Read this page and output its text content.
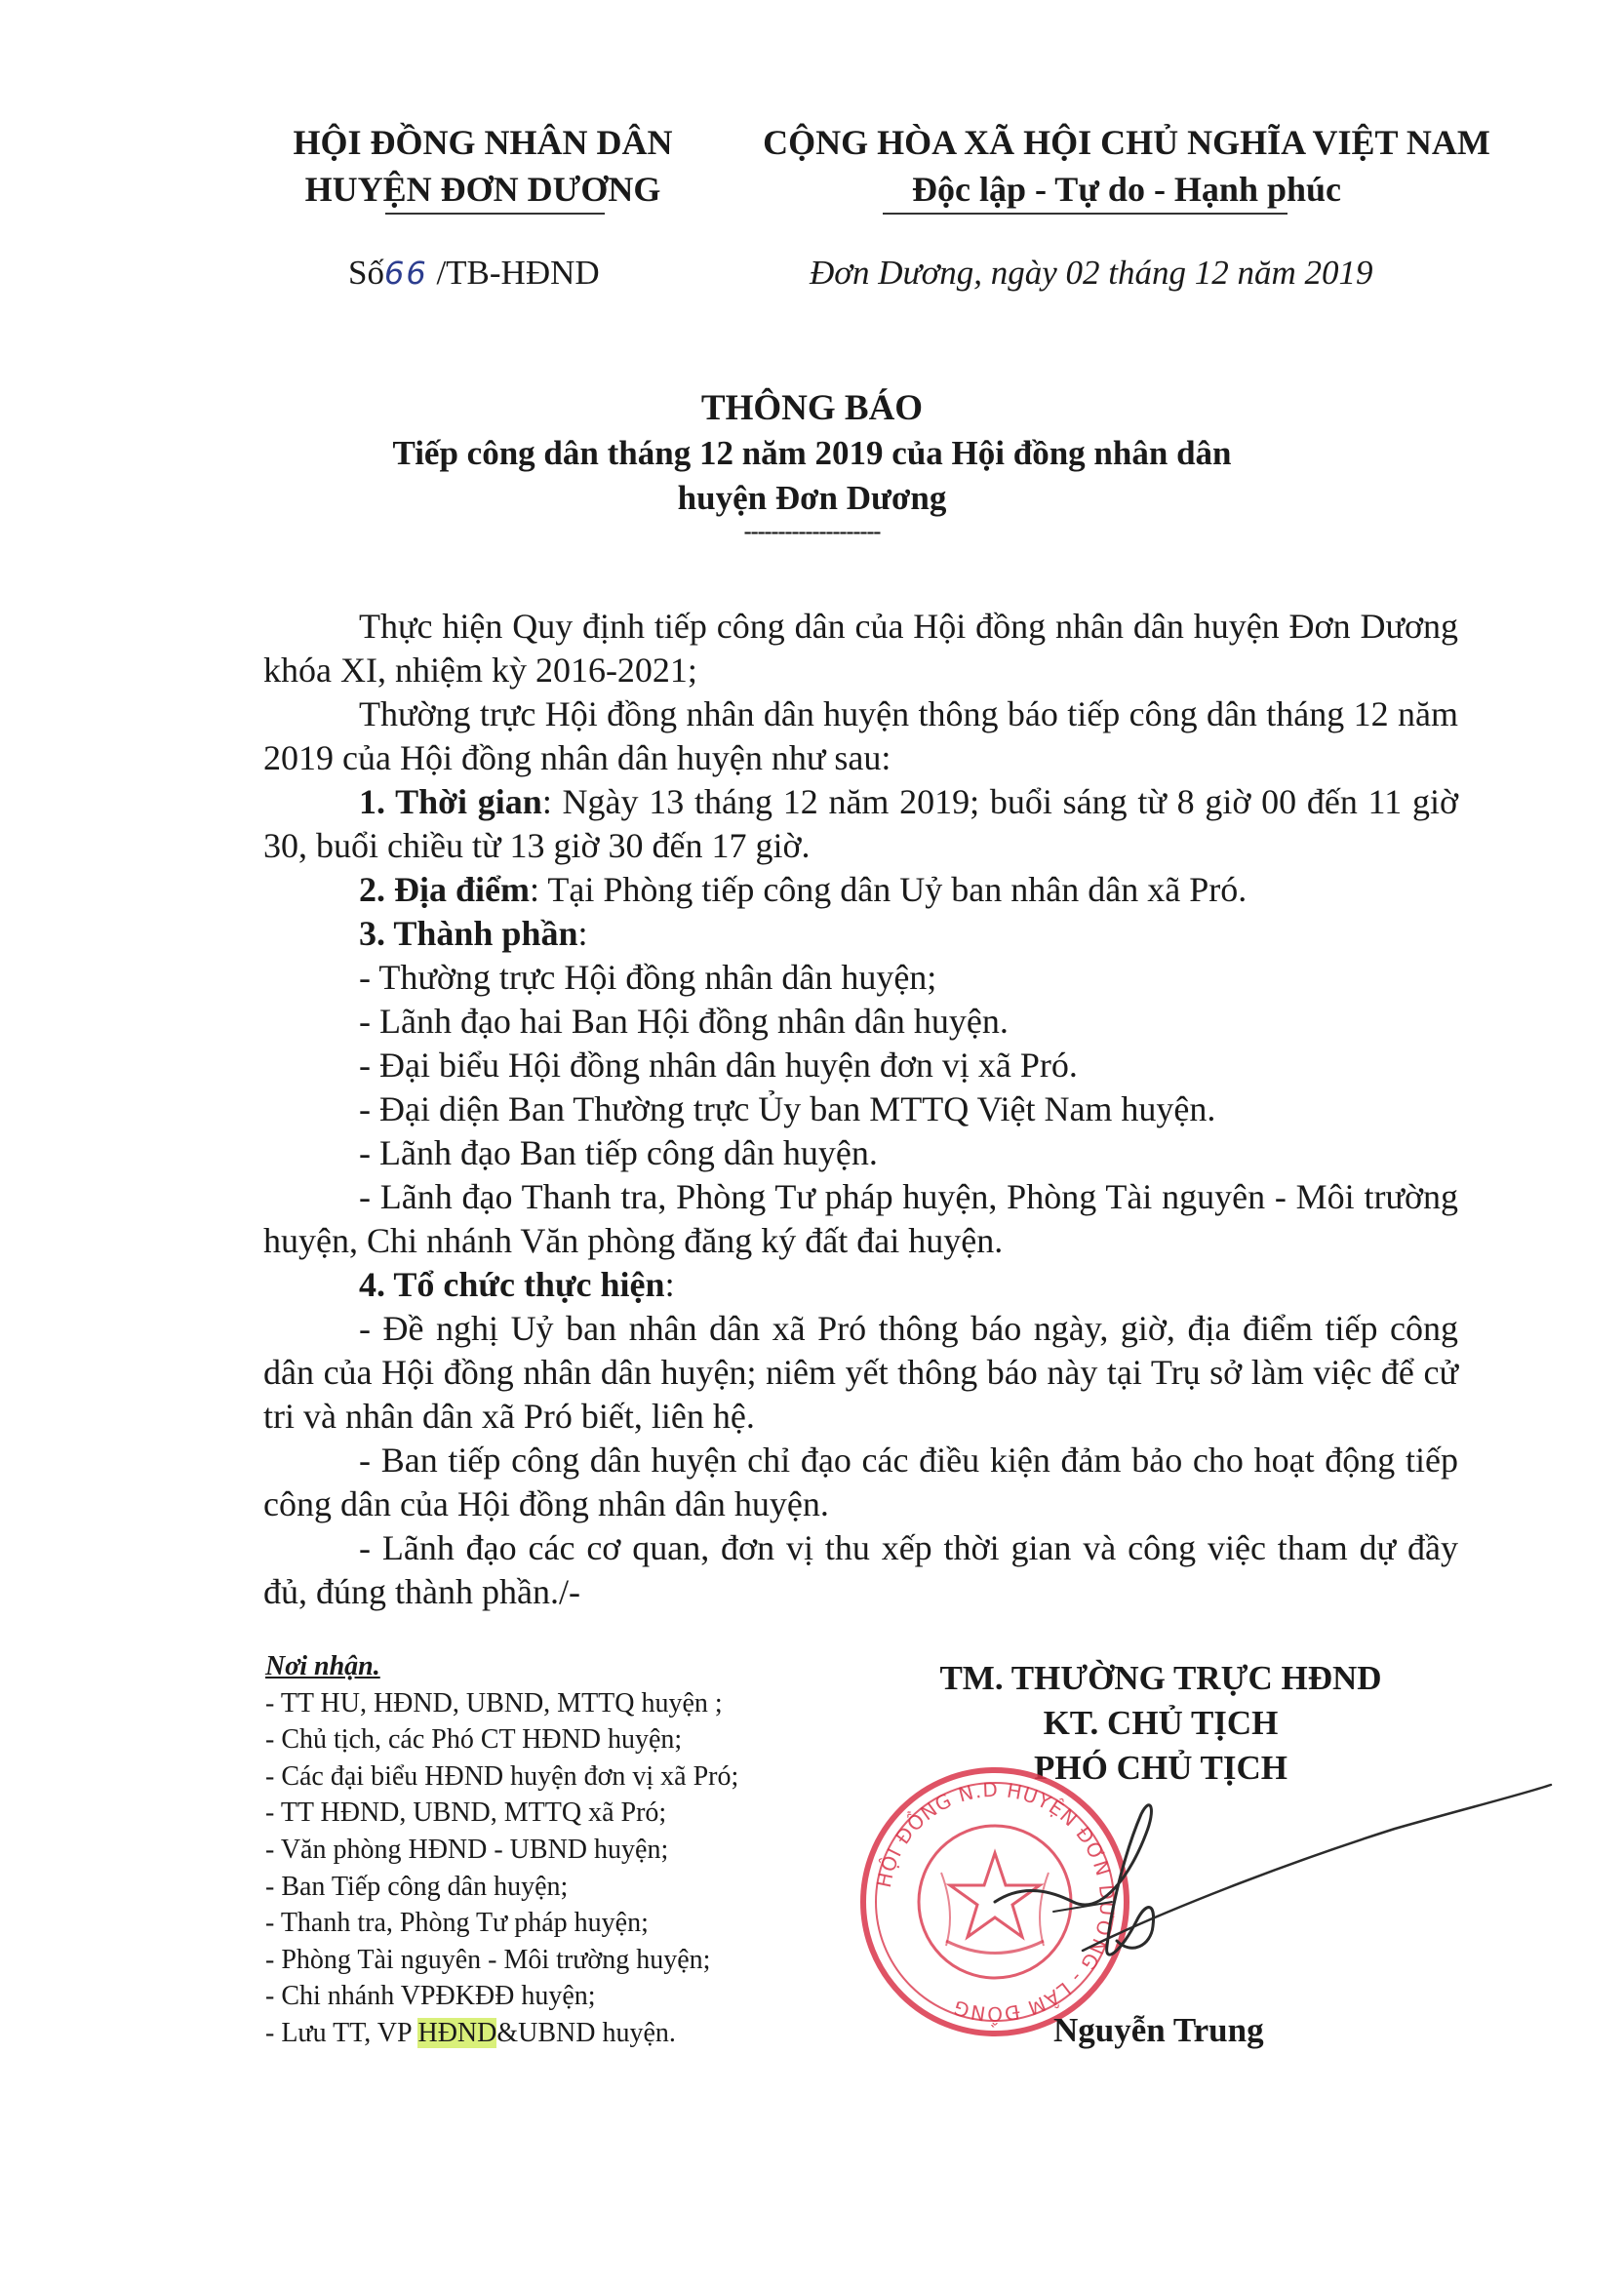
HỘI ĐỒNG NHÂN DÂN
HUYỆN ĐƠN DƯƠNG
CỘNG HÒA XÃ HỘI CHỦ NGHĨA VIỆT NAM
Độc lập - Tự do - Hạnh phúc
Số66 /TB-HĐND	Đơn Dương, ngày 02 tháng 12 năm 2019
THÔNG BÁO
Tiếp công dân tháng 12 năm 2019 của Hội đồng nhân dân
huyện Đơn Dương
--------------------

Thực hiện Quy định tiếp công dân của Hội đồng nhân dân huyện Đơn Dương khóa XI, nhiệm kỳ 2016-2021;

Thường trực Hội đồng nhân dân huyện thông báo tiếp công dân tháng 12 năm 2019 của Hội đồng nhân dân huyện như sau:

1. Thời gian: Ngày 13 tháng 12 năm 2019; buổi sáng từ 8 giờ 00 đến 11 giờ 30, buổi chiều từ 13 giờ 30 đến 17 giờ.

2. Địa điểm: Tại Phòng tiếp công dân Uỷ ban nhân dân xã Pró.

3. Thành phần:

- Thường trực Hội đồng nhân dân huyện;

- Lãnh đạo hai Ban Hội đồng nhân dân huyện.

- Đại biểu Hội đồng nhân dân huyện đơn vị xã Pró.

- Đại diện Ban Thường trực Ủy ban MTTQ Việt Nam huyện.

- Lãnh đạo Ban tiếp công dân huyện.

- Lãnh đạo Thanh tra, Phòng Tư pháp huyện, Phòng Tài nguyên - Môi trường huyện, Chi nhánh Văn phòng đăng ký đất đai huyện.

4. Tổ chức thực hiện:

- Đề nghị Uỷ ban nhân dân xã Pró thông báo ngày, giờ, địa điểm tiếp công dân của Hội đồng nhân dân huyện; niêm yết thông báo này tại Trụ sở làm việc để cử tri và nhân dân xã Pró biết, liên hệ.

- Ban tiếp công dân huyện chỉ đạo các điều kiện đảm bảo cho hoạt động tiếp công dân của Hội đồng nhân dân huyện.

- Lãnh đạo các cơ quan, đơn vị thu xếp thời gian và công việc tham dự đầy đủ, đúng thành phần./-

Nơi nhận.
- TT HU, HĐND, UBND, MTTQ huyện ;
- Chủ tịch, các Phó CT HĐND huyện;
- Các đại biểu HĐND huyện đơn vị xã Pró;
- TT HĐND, UBND, MTTQ xã Pró;
- Văn phòng HĐND - UBND huyện;
- Ban Tiếp công dân huyện;
- Thanh tra, Phòng Tư pháp huyện;
- Phòng Tài nguyên - Môi trường huyện;
- Chi nhánh VPĐKĐĐ huyện;
- Lưu TT, VP HĐND&UBND huyện.
TM. THƯỜNG TRỰC HĐND
KT. CHỦ TỊCH
PHÓ CHỦ TỊCH
HỘI ĐỒNG N.D HUYỆN ĐƠN DƯƠNG - LÂM ĐỒNG
Nguyễn Trung
